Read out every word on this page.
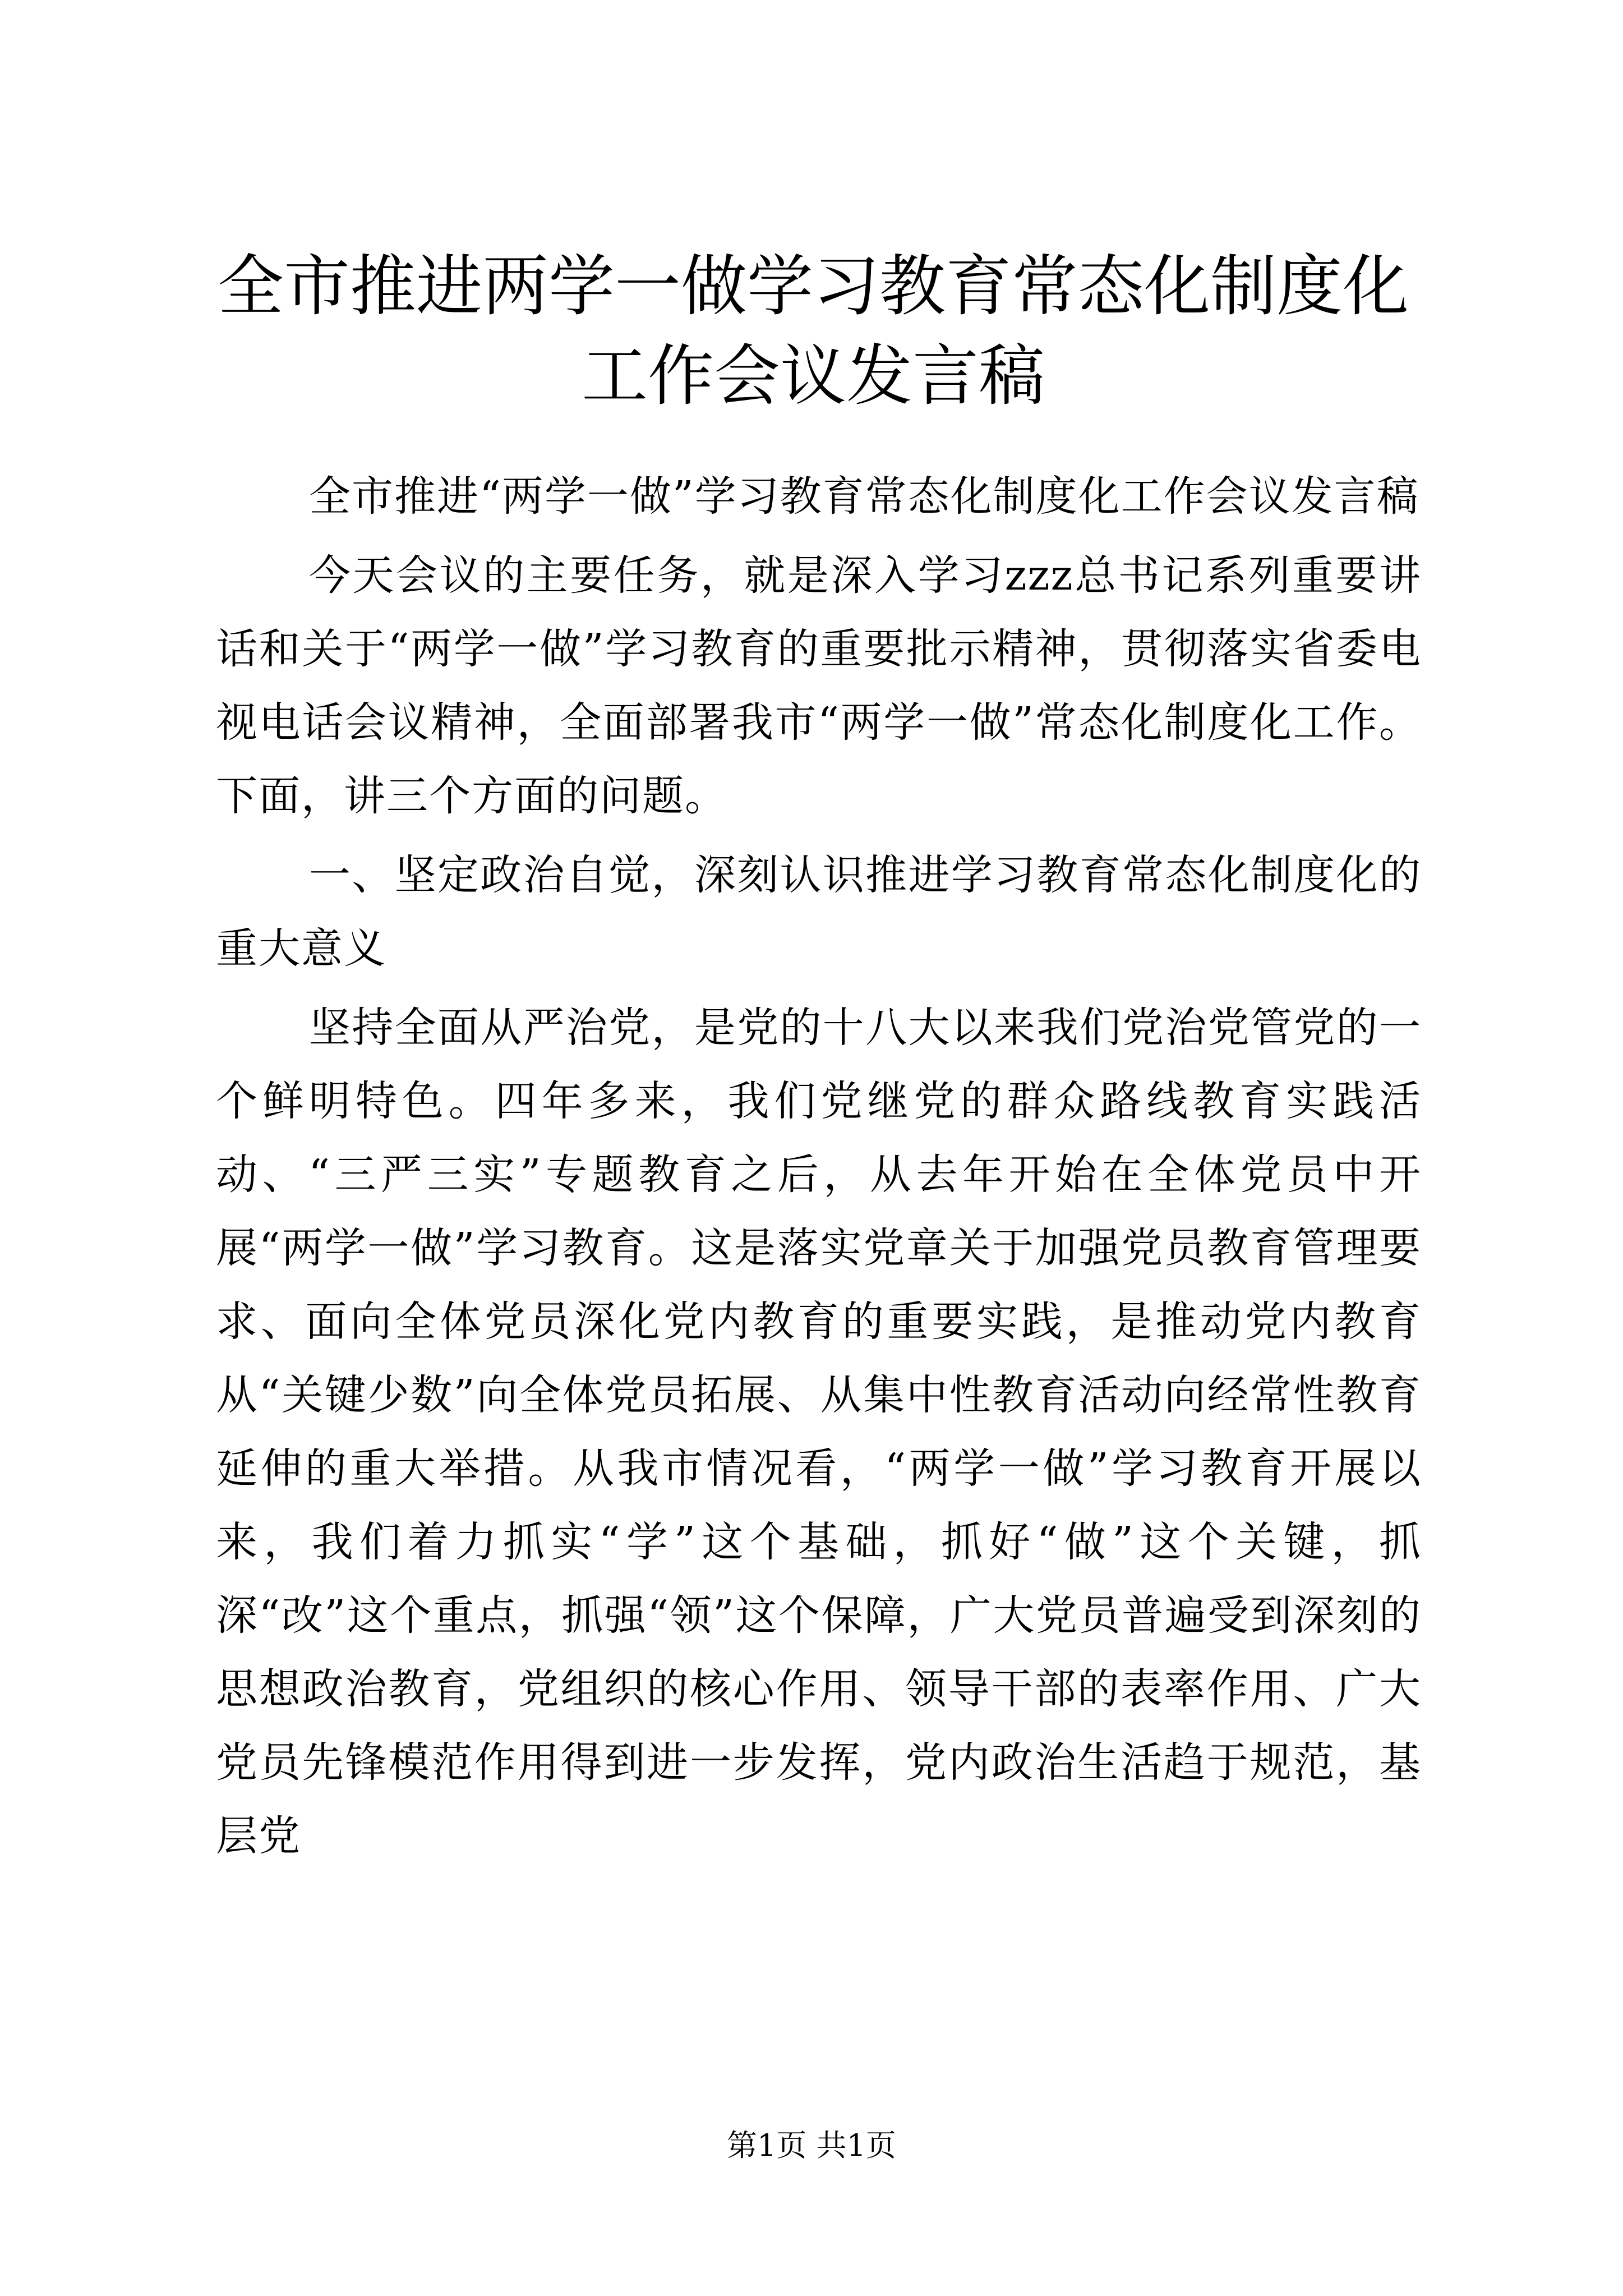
全市推进两学一做学习教育常态化制度化工作会议发言稿

全市推进“两学一做”学习教育常态化制度化工作会议发言稿

今天会议的主要任务，就是深入学习zzz总书记系列重要讲话和关于“两学一做”学习教育的重要批示精神，贯彻落实省委电视电话会议精神，全面部署我市“两学一做”常态化制度化工作。下面，讲三个方面的问题。

一、坚定政治自觉，深刻认识推进学习教育常态化制度化的重大意义

坚持全面从严治党，是党的十八大以来我们党治党管党的一个鲜明特色。四年多来，我们党继党的群众路线教育实践活动、“三严三实”专题教育之后，从去年开始在全体党员中开展“两学一做”学习教育。这是落实党章关于加强党员教育管理要求、面向全体党员深化党内教育的重要实践，是推动党内教育从“关键少数”向全体党员拓展、从集中性教育活动向经常性教育延伸的重大举措。从我市情况看，“两学一做”学习教育开展以来，我们着力抓实“学”这个基础，抓好“做”这个关键，抓深“改”这个重点，抓强“领”这个保障，广大党员普遍受到深刻的思想政治教育，党组织的核心作用、领导干部的表率作用、广大党员先锋模范作用得到进一步发挥，党内政治生活趋于规范，基层党

第1页 共1页
